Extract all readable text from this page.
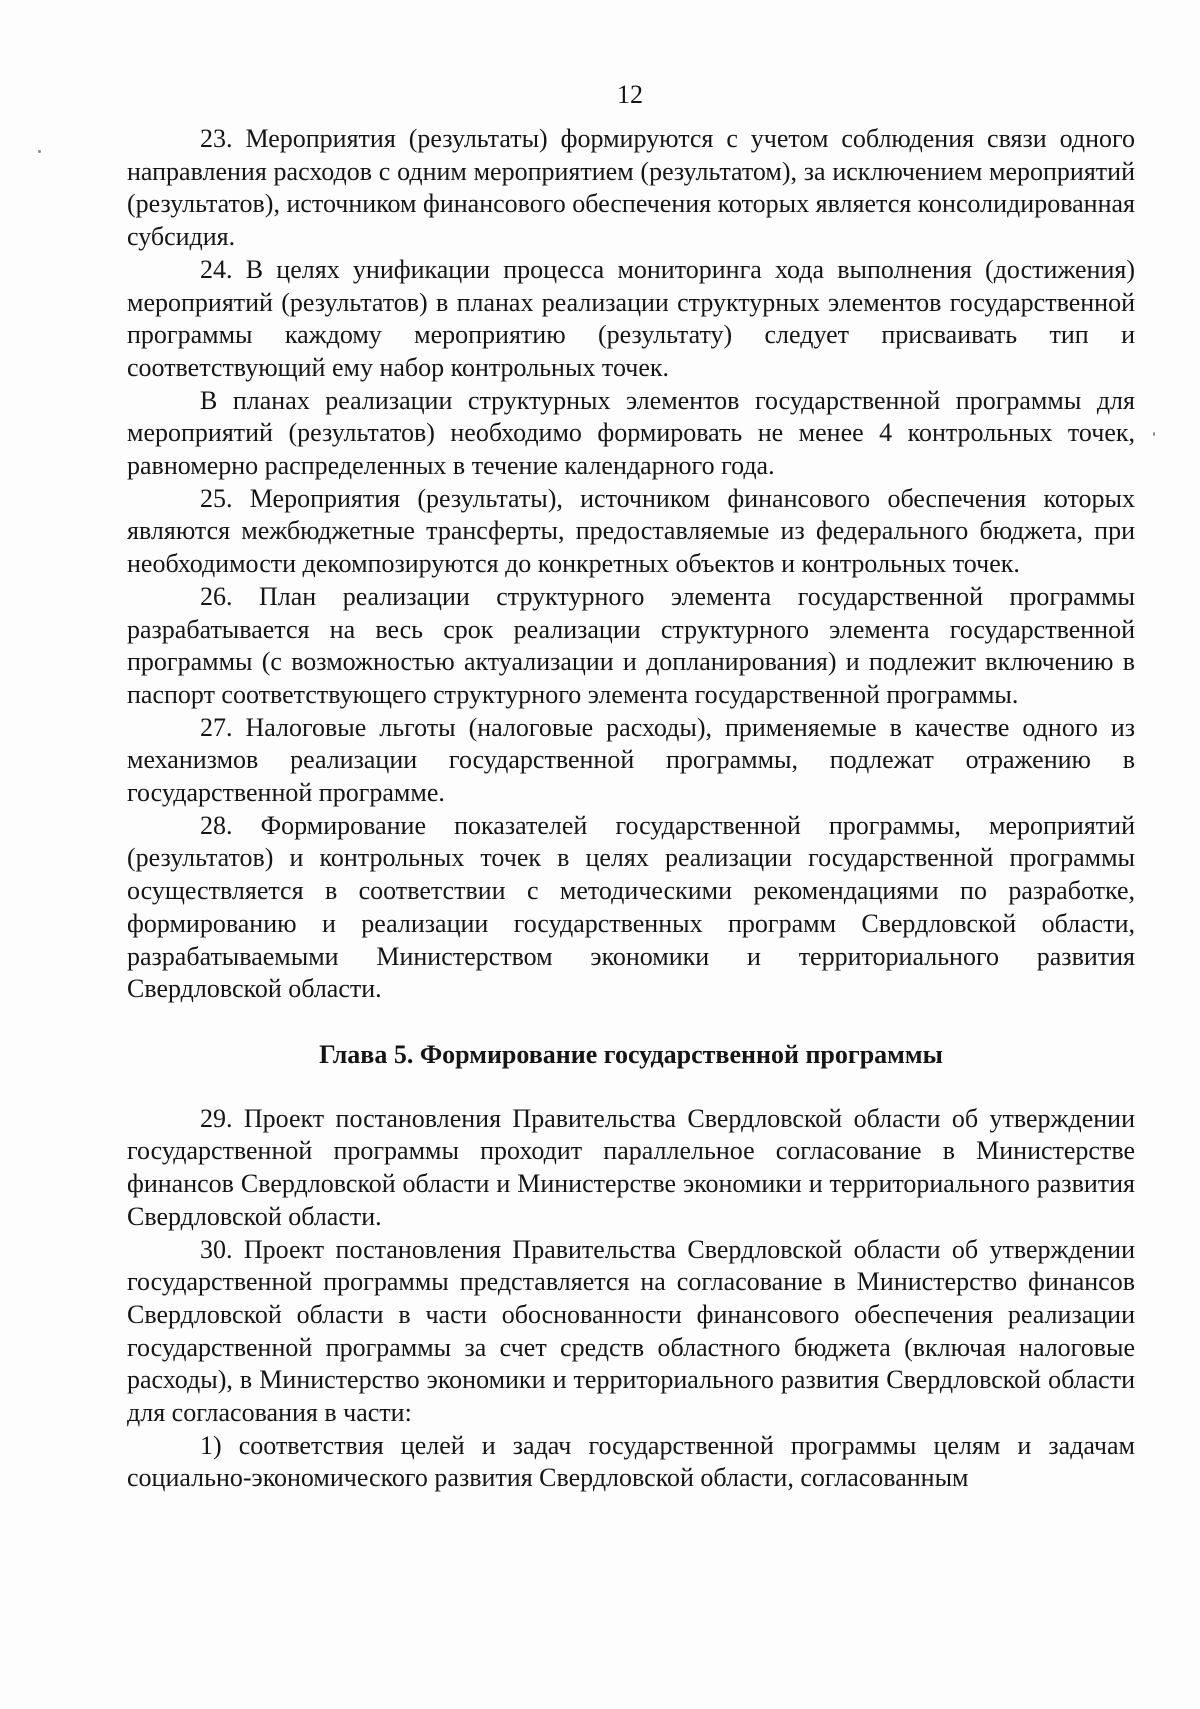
12

23. Мероприятия (результаты) формируются с учетом соблюдения связи одного направления расходов с одним мероприятием (результатом), за исключением мероприятий (результатов), источником финансового обеспечения которых является консолидированная субсидия.

24. В целях унификации процесса мониторинга хода выполнения (достижения) мероприятий (результатов) в планах реализации структурных элементов государственной программы каждому мероприятию (результату) следует присваивать тип и соответствующий ему набор контрольных точек.

В планах реализации структурных элементов государственной программы для мероприятий (результатов) необходимо формировать не менее 4 контрольных точек, равномерно распределенных в течение календарного года.

25. Мероприятия (результаты), источником финансового обеспечения которых являются межбюджетные трансферты, предоставляемые из федерального бюджета, при необходимости декомпозируются до конкретных объектов и контрольных точек.

26. План реализации структурного элемента государственной программы разрабатывается на весь срок реализации структурного элемента государственной программы (с возможностью актуализации и допланирования) и подлежит включению в паспорт соответствующего структурного элемента государственной программы.

27. Налоговые льготы (налоговые расходы), применяемые в качестве одного из механизмов реализации государственной программы, подлежат отражению в государственной программе.

28. Формирование показателей государственной программы, мероприятий (результатов) и контрольных точек в целях реализации государственной программы осуществляется в соответствии с методическими рекомендациями по разработке, формированию и реализации государственных программ Свердловской области, разрабатываемыми Министерством экономики и территориального развития Свердловской области.

Глава 5. Формирование государственной программы

29. Проект постановления Правительства Свердловской области об утверждении государственной программы проходит параллельное согласование в Министерстве финансов Свердловской области и Министерстве экономики и территориального развития Свердловской области.

30. Проект постановления Правительства Свердловской области об утверждении государственной программы представляется на согласование в Министерство финансов Свердловской области в части обоснованности финансового обеспечения реализации государственной программы за счет средств областного бюджета (включая налоговые расходы), в Министерство экономики и территориального развития Свердловской области для согласования в части:

1) соответствия целей и задач государственной программы целям и задачам социально-экономического развития Свердловской области, согласованным
